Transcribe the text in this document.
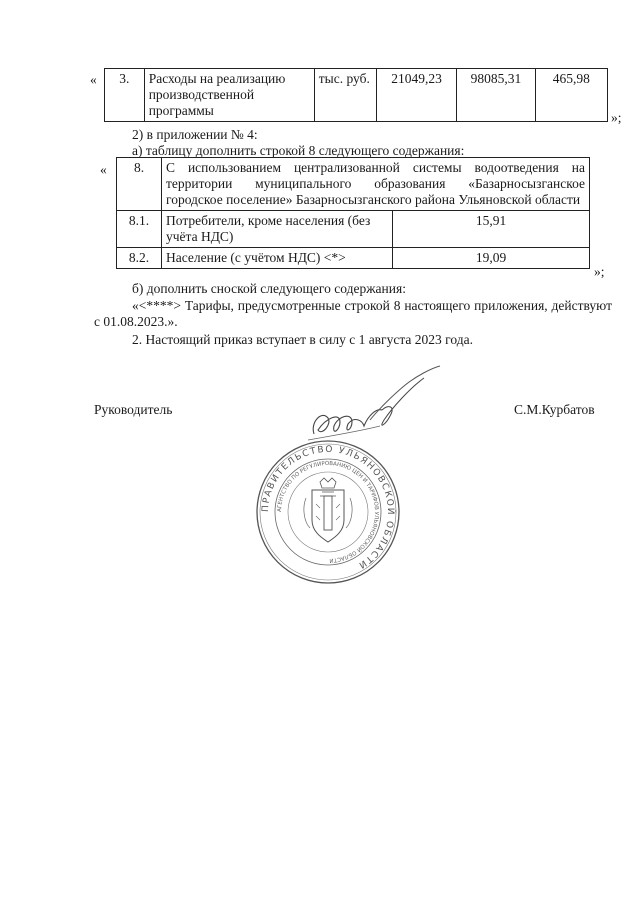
« 3.	Расходы на реализацию производственной программы	тыс. руб.	21049,23	98085,31	465,98
»;
2) в приложении № 4:
а) таблицу дополнить строкой 8 следующего содержания:
« 8.	С использованием централизованной системы водоотведения на территории муниципального образования «Базарносызганское городское поселение» Базарносызганского района Ульяновской области	
8.1.	Потребители, кроме населения (без учёта НДС)	15,91
8.2.	Население (с учётом НДС) <*>	19,09
»;
б) дополнить сноской следующего содержания:
«<****> Тарифы, предусмотренные строкой 8 настоящего приложения, действуют с 01.08.2023.».
2. Настоящий приказ вступает в силу с 1 августа 2023 года.
Руководитель	С.М.Курбатов
ПРАВИТЕЛЬСТВО УЛЬЯНОВСКОЙ ОБЛАСТИ
АГЕНТСТВО ПО РЕГУЛИРОВАНИЮ ЦЕН И ТАРИФОВ УЛЬЯНОВСКОЙ ОБЛАСТИ
